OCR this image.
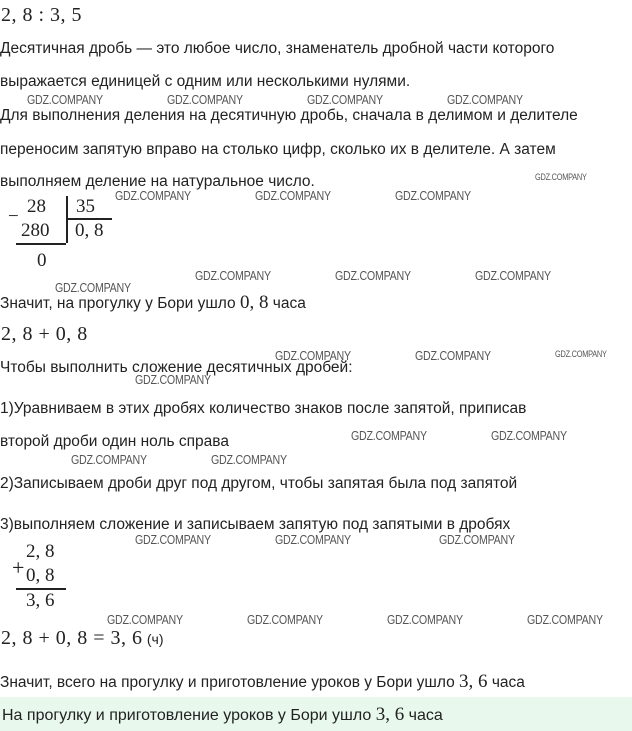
2, 8 : 3, 5
Десятичная дробь — это любое число, знаменатель дробной части которого
выражается единицей с одним или несколькими нулями.
Для выполнения деления на десятичную дробь, сначала в делимом и делителе
переносим запятую вправо на столько цифр, сколько их в делителе. А затем
выполняем деление на натуральное число.
− 28 35
280 0, 8
0
Значит, на прогулку у Бори ушло 0, 8 часа
2, 8 + 0, 8
Чтобы выполнить сложение десятичных дробей:
1)Уравниваем в этих дробях количество знаков после запятой, приписав
второй дроби один ноль справа
2)Записываем дроби друг под другом, чтобы запятая была под запятой
3)выполняем сложение и записываем запятую под запятыми в дробях
+
2, 8
0, 8
3, 6
2, 8 + 0, 8 = 3, 6 (ч)
Значит, всего на прогулку и приготовление уроков у Бори ушло 3, 6 часа
На прогулку и приготовление уроков у Бори ушло 3, 6 часа
GDZ.COMPANY	GDZ.COMPANY	GDZ.COMPANY	GDZ.COMPANY
GDZ.COMPANY
GDZ.COMPANY	GDZ.COMPANY	GDZ.COMPANY
GDZ.COMPANY	GDZ.COMPANY	GDZ.COMPANY
GDZ.COMPANY
GDZ.COMPANY	GDZ.COMPANY	GDZ.COMPANY
GDZ.COMPANY
GDZ.COMPANY	GDZ.COMPANY
GDZ.COMPANY	GDZ.COMPANY
GDZ.COMPANY	GDZ.COMPANY	GDZ.COMPANY
GDZ.COMPANY	GDZ.COMPANY	GDZ.COMPANY	GDZ.COMPANY
